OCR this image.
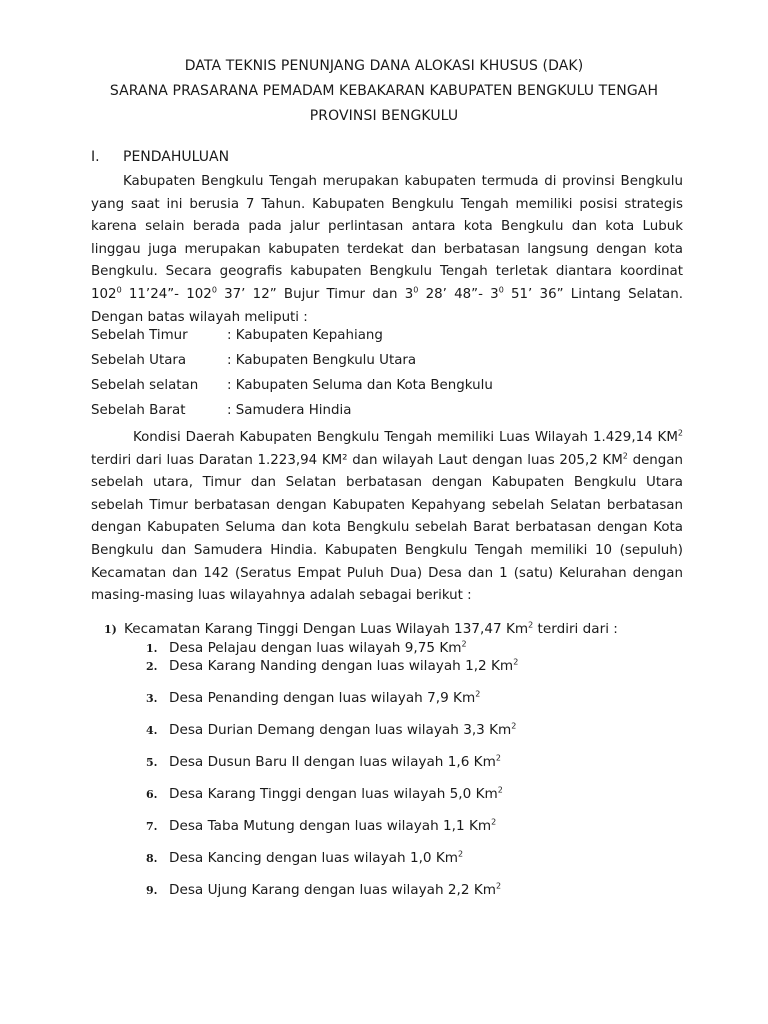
DATA TEKNIS PENUNJANG DANA ALOKASI KHUSUS (DAK)
SARANA PRASARANA PEMADAM KEBAKARAN KABUPATEN BENGKULU TENGAH
PROVINSI BENGKULU
I. PENDAHULUAN

Kabupaten Bengkulu Tengah merupakan kabupaten termuda di provinsi Bengkulu yang saat ini berusia 7 Tahun. Kabupaten Bengkulu Tengah memiliki posisi strategis karena selain berada pada jalur perlintasan antara kota Bengkulu dan kota Lubuk linggau juga merupakan kabupaten terdekat dan berbatasan langsung dengan kota Bengkulu. Secara geografis kabupaten Bengkulu Tengah terletak diantara koordinat $102^0$ 11’24”- $102^0$ 37’ 12” Bujur Timur dan $3^0$ 28’ 48”- $3^0$ 51’ 36” Lintang Selatan. Dengan batas wilayah meliputi :

Sebelah Timur	: Kabupaten Kepahiang
Sebelah Utara	: Kabupaten Bengkulu Utara
Sebelah selatan : Kabupaten Seluma dan Kota Bengkulu
Sebelah Barat	: Samudera Hindia

Kondisi Daerah Kabupaten Bengkulu Tengah memiliki Luas Wilayah 1.429,14 $KM^2$ terdiri dari luas Daratan 1.223,94 KM² dan wilayah Laut dengan luas 205,2 $KM^2$ dengan sebelah utara, Timur dan Selatan berbatasan dengan Kabupaten Bengkulu Utara sebelah Timur berbatasan dengan Kabupaten Kepahyang sebelah Selatan berbatasan dengan Kabupaten Seluma dan kota Bengkulu sebelah Barat berbatasan dengan Kota Bengkulu dan Samudera Hindia. Kabupaten Bengkulu Tengah memiliki 10 (sepuluh) Kecamatan dan 142 (Seratus Empat Puluh Dua) Desa dan 1 (satu) Kelurahan dengan masing-masing luas wilayahnya adalah sebagai berikut :

1) Kecamatan Karang Tinggi Dengan Luas Wilayah 137,47 Km$^2$ terdiri dari :
1. Desa Pelajau dengan luas wilayah 9,75 Km$^2$
2. Desa Karang Nanding dengan luas wilayah 1,2 Km$^2$
3. Desa Penanding dengan luas wilayah 7,9 Km$^2$
4. Desa Durian Demang dengan luas wilayah 3,3 Km$^2$
5. Desa Dusun Baru II dengan luas wilayah 1,6 Km$^2$
6. Desa Karang Tinggi dengan luas wilayah 5,0 Km$^2$
7. Desa Taba Mutung dengan luas wilayah 1,1 Km$^2$
8. Desa Kancing dengan luas wilayah 1,0 Km$^2$
9. Desa Ujung Karang dengan luas wilayah 2,2 Km$^2$
